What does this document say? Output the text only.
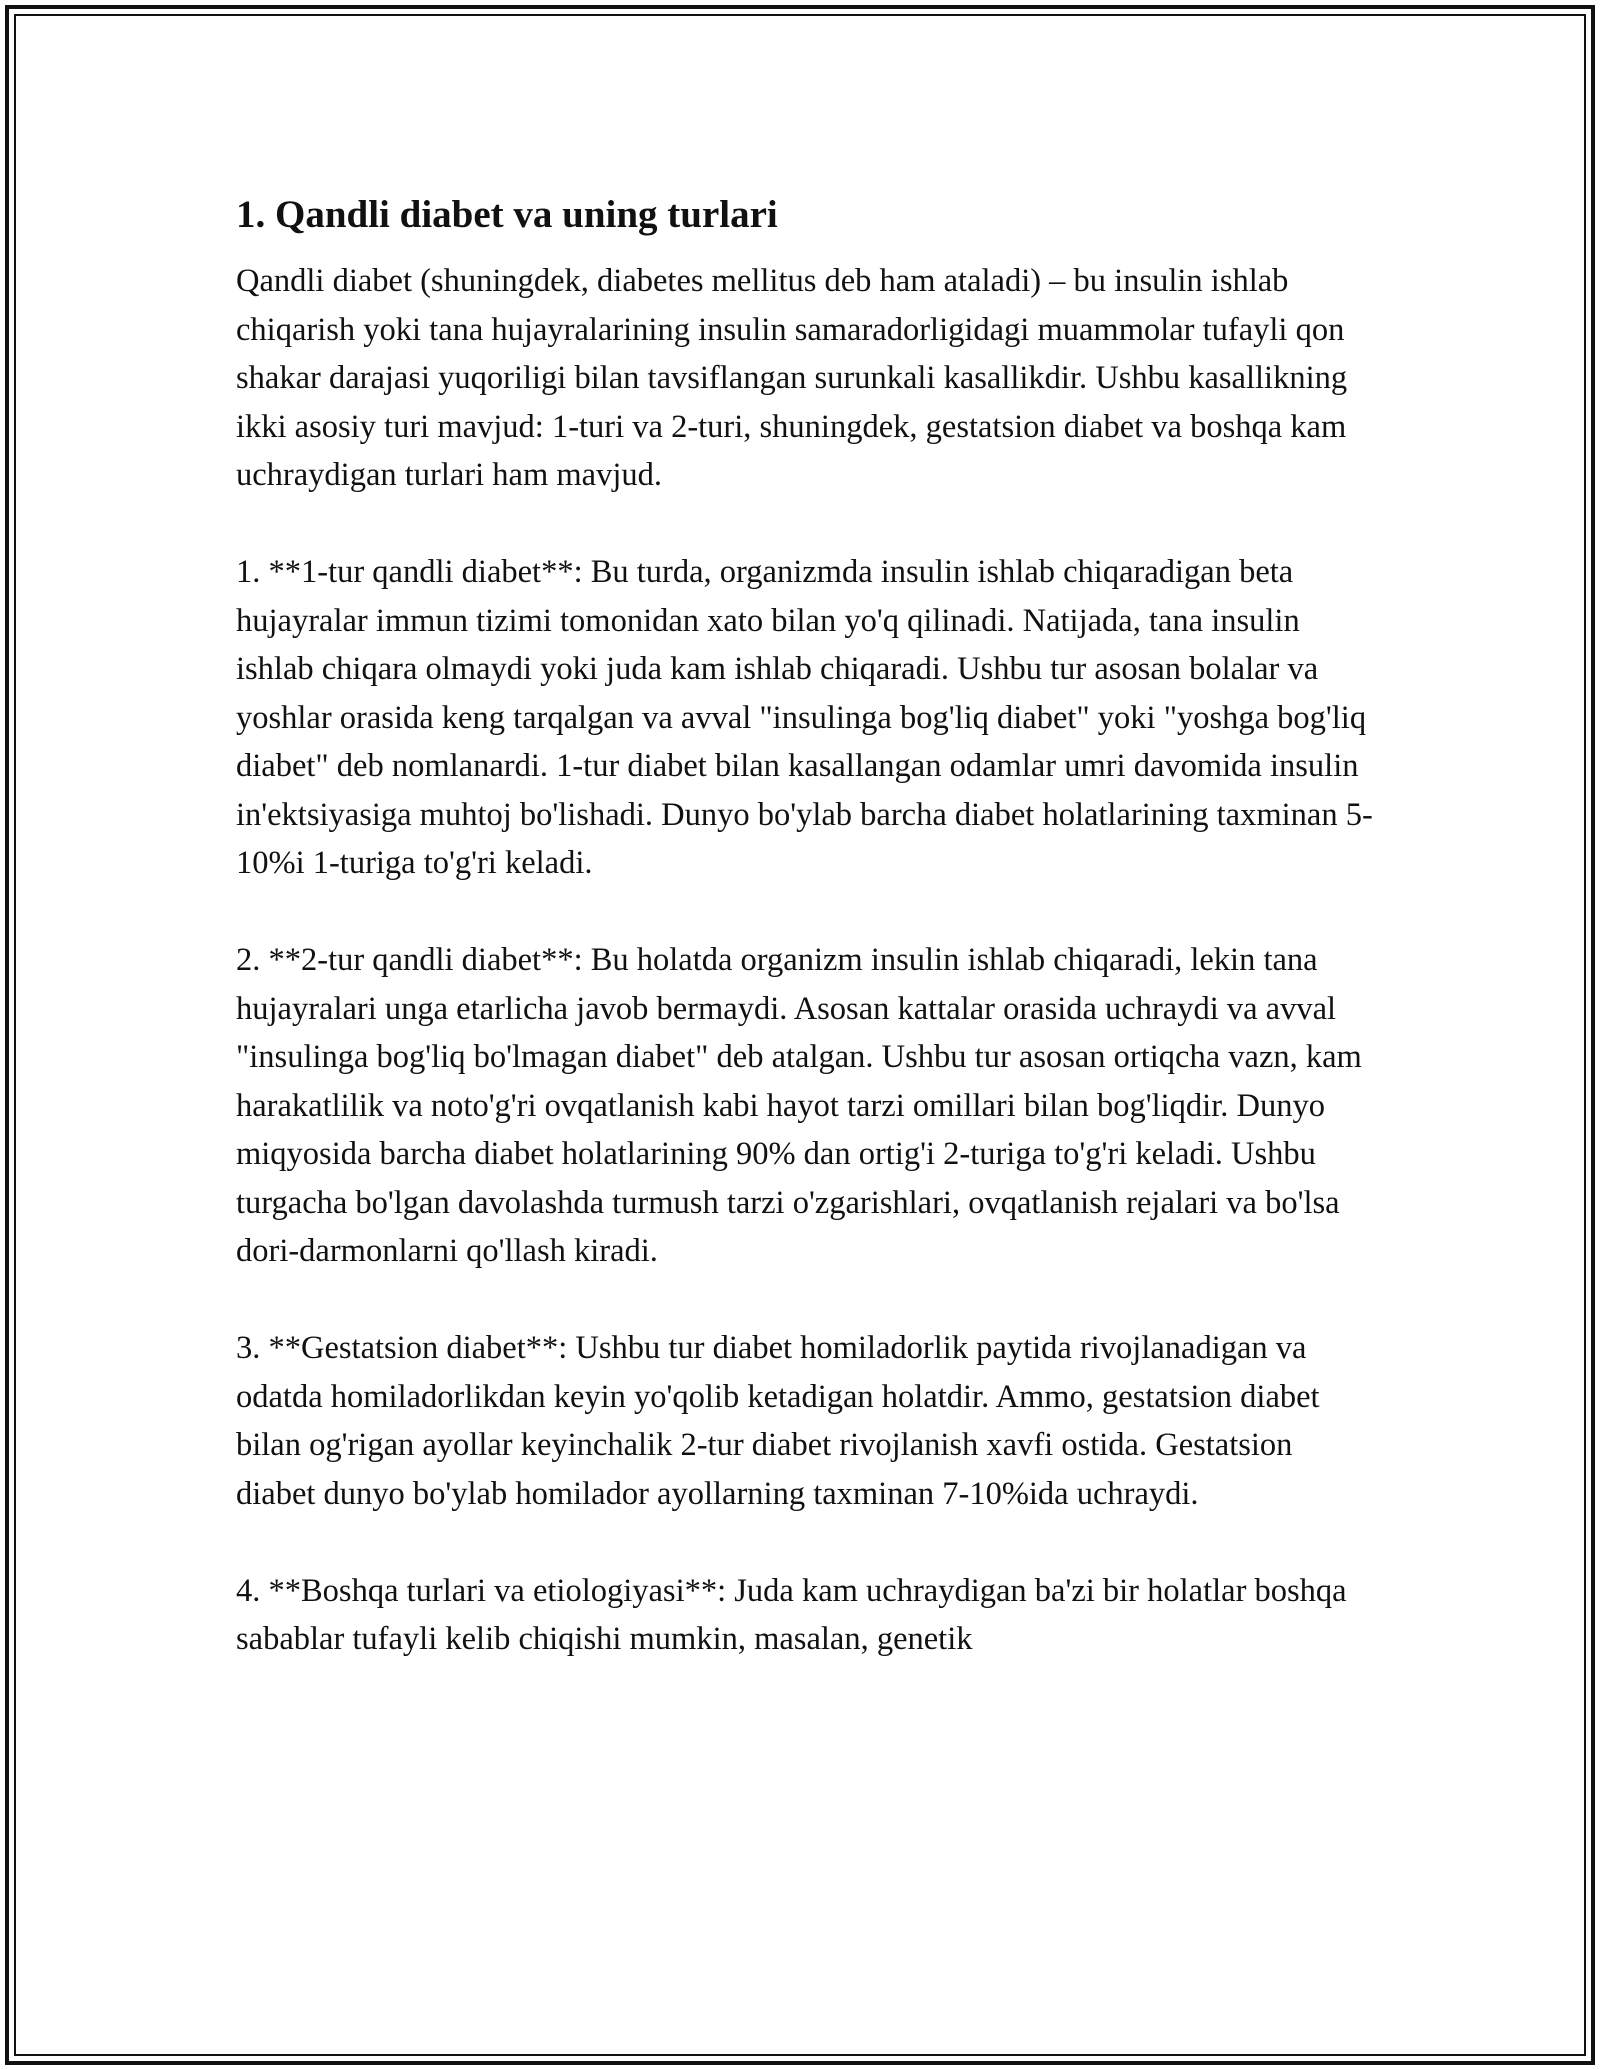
1. Qandli diabet va uning turlari

Qandli diabet (shuningdek, diabetes mellitus deb ham ataladi) – bu insulin ishlab chiqarish yoki tana hujayralarining insulin samaradorligidagi muammolar tufayli qon shakar darajasi yuqoriligi bilan tavsiflangan surunkali kasallikdir. Ushbu kasallikning ikki asosiy turi mavjud: 1-turi va 2-turi, shuningdek, gestatsion diabet va boshqa kam uchraydigan turlari ham mavjud.

1. **1-tur qandli diabet**: Bu turda, organizmda insulin ishlab chiqaradigan beta hujayralar immun tizimi tomonidan xato bilan yo'q qilinadi. Natijada, tana insulin ishlab chiqara olmaydi yoki juda kam ishlab chiqaradi. Ushbu tur asosan bolalar va yoshlar orasida keng tarqalgan va avval "insulinga bog'liq diabet" yoki "yoshga bog'liq diabet" deb nomlanardi. 1-tur diabet bilan kasallangan odamlar umri davomida insulin in'ektsiyasiga muhtoj bo'lishadi. Dunyo bo'ylab barcha diabet holatlarining taxminan 5-10%i 1-turiga to'g'ri keladi.

2. **2-tur qandli diabet**: Bu holatda organizm insulin ishlab chiqaradi, lekin tana hujayralari unga etarlicha javob bermaydi. Asosan kattalar orasida uchraydi va avval "insulinga bog'liq bo'lmagan diabet" deb atalgan. Ushbu tur asosan ortiqcha vazn, kam harakatlilik va noto'g'ri ovqatlanish kabi hayot tarzi omillari bilan bog'liqdir. Dunyo miqyosida barcha diabet holatlarining 90% dan ortig'i 2-turiga to'g'ri keladi. Ushbu turgacha bo'lgan davolashda turmush tarzi o'zgarishlari, ovqatlanish rejalari va bo'lsa dori-darmonlarni qo'llash kiradi.

3. **Gestatsion diabet**: Ushbu tur diabet homiladorlik paytida rivojlanadigan va odatda homiladorlikdan keyin yo'qolib ketadigan holatdir. Ammo, gestatsion diabet bilan og'rigan ayollar keyinchalik 2-tur diabet rivojlanish xavfi ostida. Gestatsion diabet dunyo bo'ylab homilador ayollarning taxminan 7-10%ida uchraydi.

4. **Boshqa turlari va etiologiyasi**: Juda kam uchraydigan ba'zi bir holatlar boshqa sabablar tufayli kelib chiqishi mumkin, masalan, genetik
